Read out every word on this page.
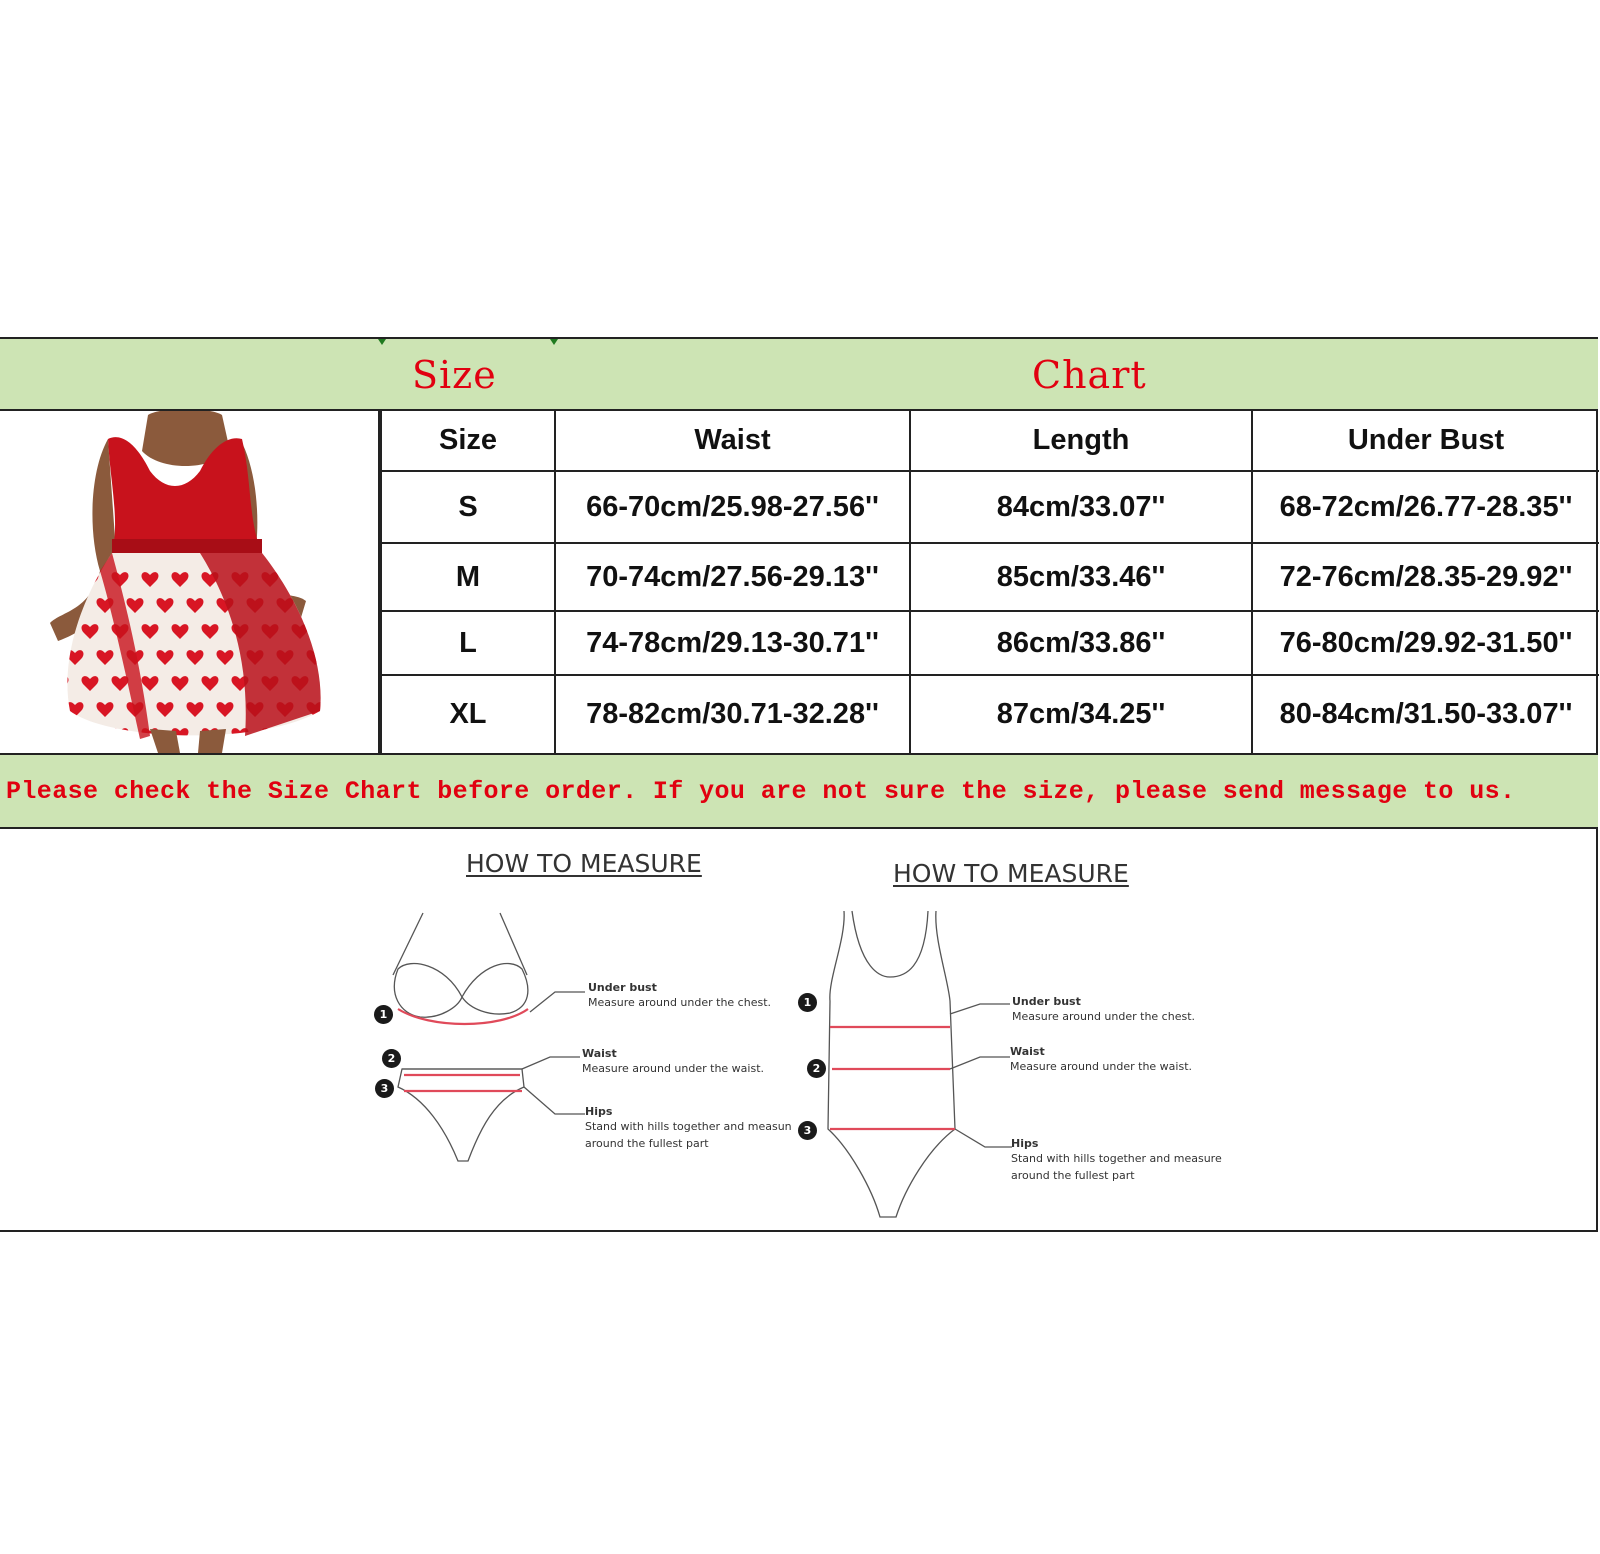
Size	Chart
Size	Waist	Length	Under Bust
S	66-70cm/25.98-27.56''	84cm/33.07''	68-72cm/26.77-28.35''
M	70-74cm/27.56-29.13''	85cm/33.46''	72-76cm/28.35-29.92''
L	74-78cm/29.13-30.71''	86cm/33.86''	76-80cm/29.92-31.50''
XL	78-82cm/30.71-32.28''	87cm/34.25''	80-84cm/31.50-33.07''
Please check the Size Chart before order. If you are not sure the size, please send message to us.
HOW TO MEASURE	HOW TO MEASURE
1
2
3
Under bust
Measure around under the chest.
Waist
Measure around under the waist.
Hips
Stand with hills together and measun
around the fullest part
1
2
3
Under bust
Measure around under the chest.
Waist
Measure around under the waist.
Hips
Stand with hills together and measure
around the fullest part
